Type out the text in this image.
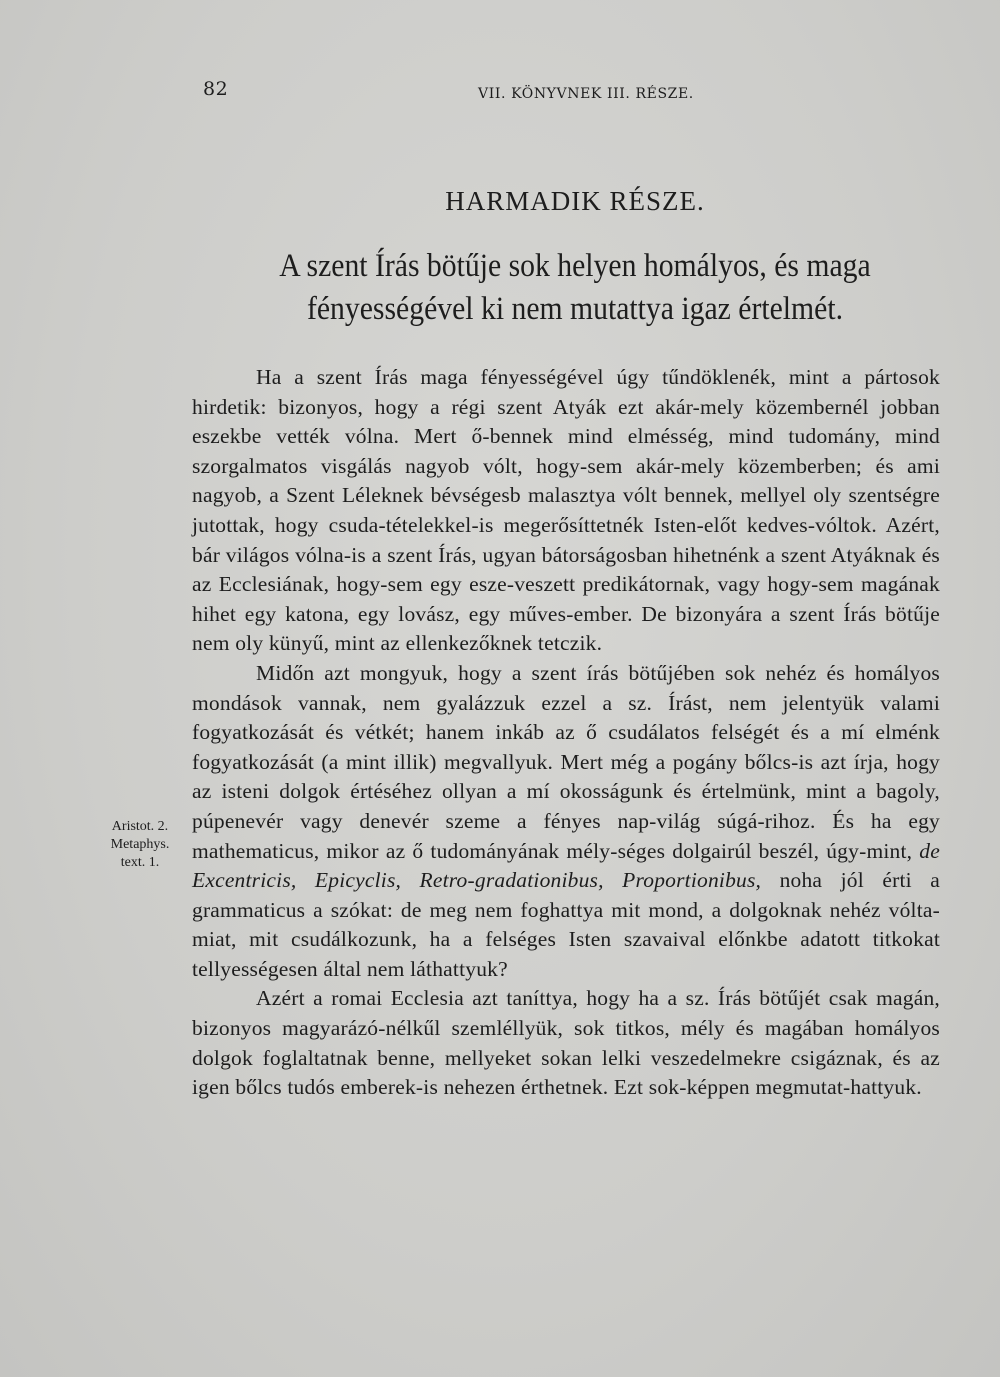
82	VII. KÖNYVNEK III. RÉSZE.
HARMADIK RÉSZE.
A szent Írás bötűje sok helyen homályos, és maga fényességével ki nem mutattya igaz értelmét.
Aristot. 2.
Metaphys.
text. 1.

Ha a szent Írás maga fényességével úgy tűndöklenék, mint a pártosok hirdetik: bizonyos, hogy a régi szent Atyák ezt akár-mely közembernél jobban eszekbe vették vólna. Mert ő-bennek mind elmésség, mind tudomány, mind szorgalmatos visgálás nagyob vólt, hogy-sem akár-mely közemberben; és ami nagyob, a Szent Léleknek bévségesb malasztya vólt bennek, mellyel oly szentségre jutottak, hogy csuda-tételekkel-is megerősíttetnék Isten-előt kedves-vóltok. Azért, bár világos vólna-is a szent Írás, ugyan bátorságosban hihetnénk a szent Atyáknak és az Ecclesiának, hogy-sem egy esze-veszett predikátornak, vagy hogy-sem magának hihet egy katona, egy lovász, egy műves-ember. De bizonyára a szent Írás bötűje nem oly künyű, mint az ellenkezőknek tetczik.

Midőn azt mongyuk, hogy a szent írás bötűjében sok nehéz és homályos mondások vannak, nem gyalázzuk ezzel a sz. Írást, nem jelentyük valami fogyatkozását és vétkét; hanem inkáb az ő csudálatos felségét és a mí elménk fogyatkozását (a mint illik) megvallyuk. Mert még a pogány bőlcs-is azt írja, hogy az isteni dolgok értéséhez ollyan a mí okosságunk és értelmünk, mint a bagoly, púpenevér vagy denevér szeme a fényes nap-világ súgá-rihoz. És ha egy mathematicus, mikor az ő tudományának mély-séges dolgairúl beszél, úgy-mint, de Excentricis, Epicyclis, Retro-gradationibus, Proportionibus, noha jól érti a grammaticus a szókat: de meg nem foghattya mit mond, a dolgoknak nehéz vólta-miat, mit csudálkozunk, ha a felséges Isten szavaival előnkbe adatott titkokat tellyességesen által nem láthattyuk?

Azért a romai Ecclesia azt taníttya, hogy ha a sz. Írás bötűjét csak magán, bizonyos magyarázó-nélkűl szemléllyük, sok titkos, mély és magában homályos dolgok foglaltatnak benne, mellyeket sokan lelki veszedelmekre csigáznak, és az igen bőlcs tudós emberek-is nehezen érthetnek. Ezt sok-képpen megmutat-hattyuk.
